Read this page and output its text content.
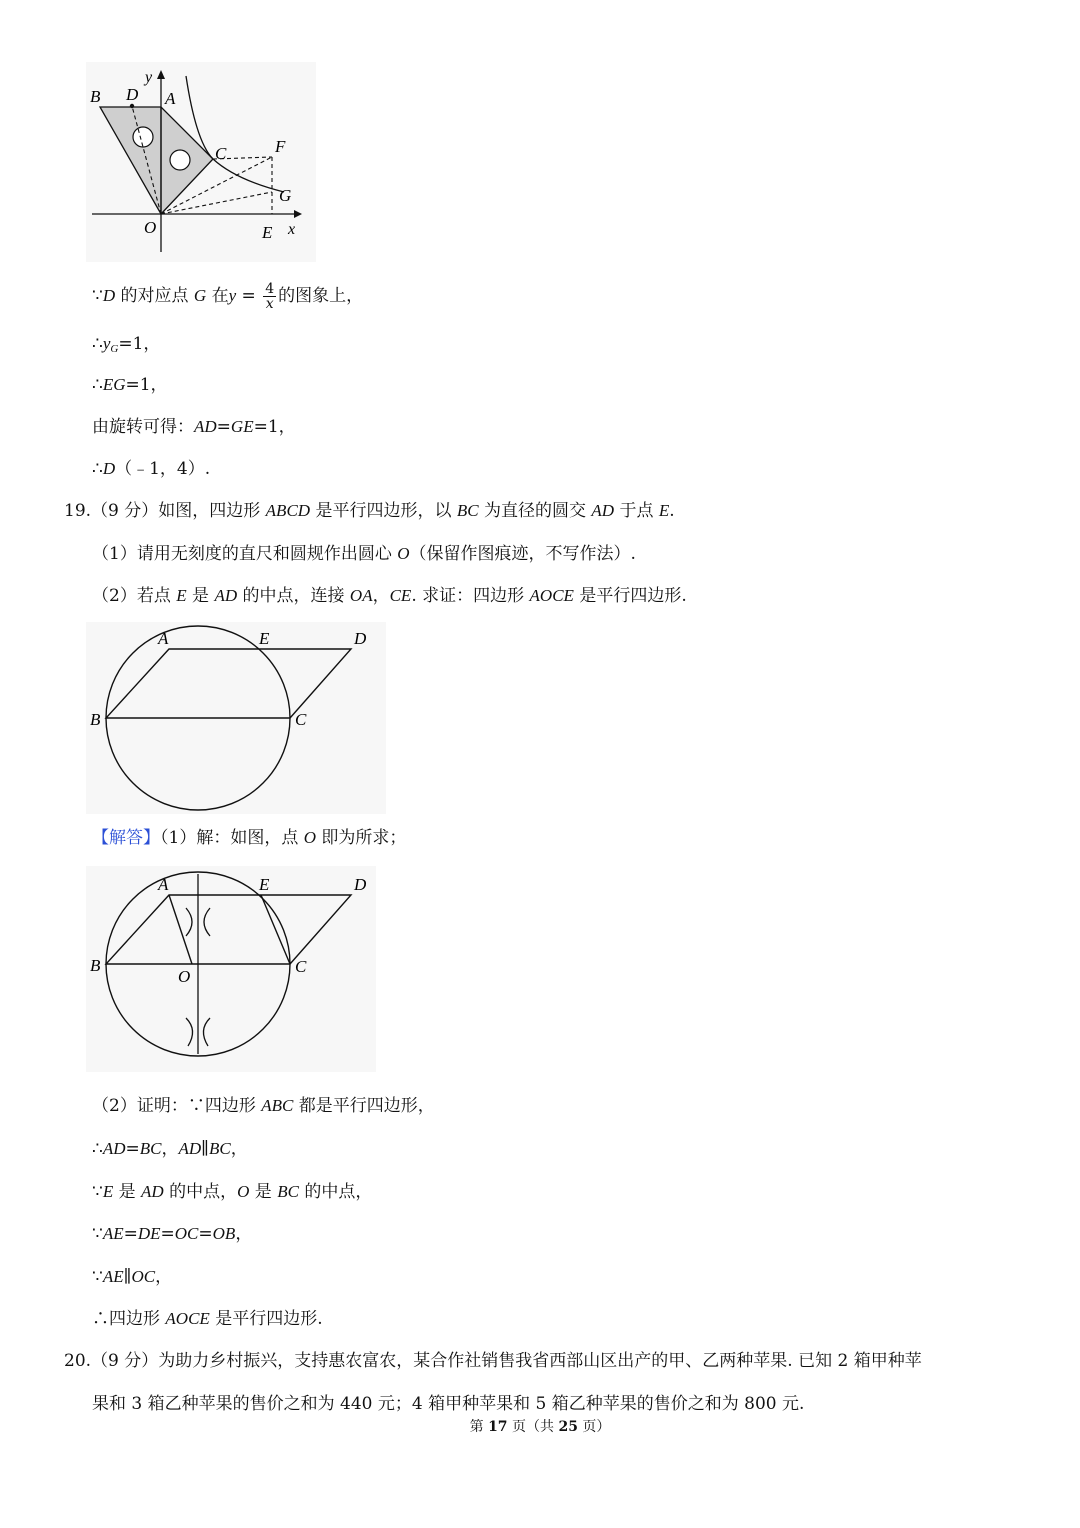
B D
y
A
C	F
G
O	E x
∵D 的对应点 G 在$y = \frac{4}{x}$ 的图象上，
$\therefore y_G=1$，
∴EG=1，
由旋转可得：AD=GE=1，
∴D（﹣1，4）.
19.（9 分）如图，四边形 ABCD 是平行四边形，以 BC 为直径的圆交 AD 于点 E.
（1）请用无刻度的直尺和圆规作出圆心 O（保留作图痕迹，不写作法）.
（2）若点 E 是 AD 的中点，连接 OA，CE. 求证：四边形 AOCE 是平行四边形.
A	E	D
B	C
【解答】（1）解：如图，点 O 即为所求；
A	E	D
B
O
C
（2）证明：∵四边形 ABC 都是平行四边形，
∴AD=BC，AD∥BC，
∵E 是 AD 的中点，O 是 BC 的中点，
∵AE=DE=OC=OB，
∵AE∥OC，
∴四边形 AOCE 是平行四边形.
20.（9 分）为助力乡村振兴，支持惠农富农，某合作社销售我省西部山区出产的甲、乙两种苹果. 已知 2 箱甲种苹
果和 3 箱乙种苹果的售价之和为 440 元；4 箱甲种苹果和 5 箱乙种苹果的售价之和为 800 元.
第 17 页（共 25 页）
